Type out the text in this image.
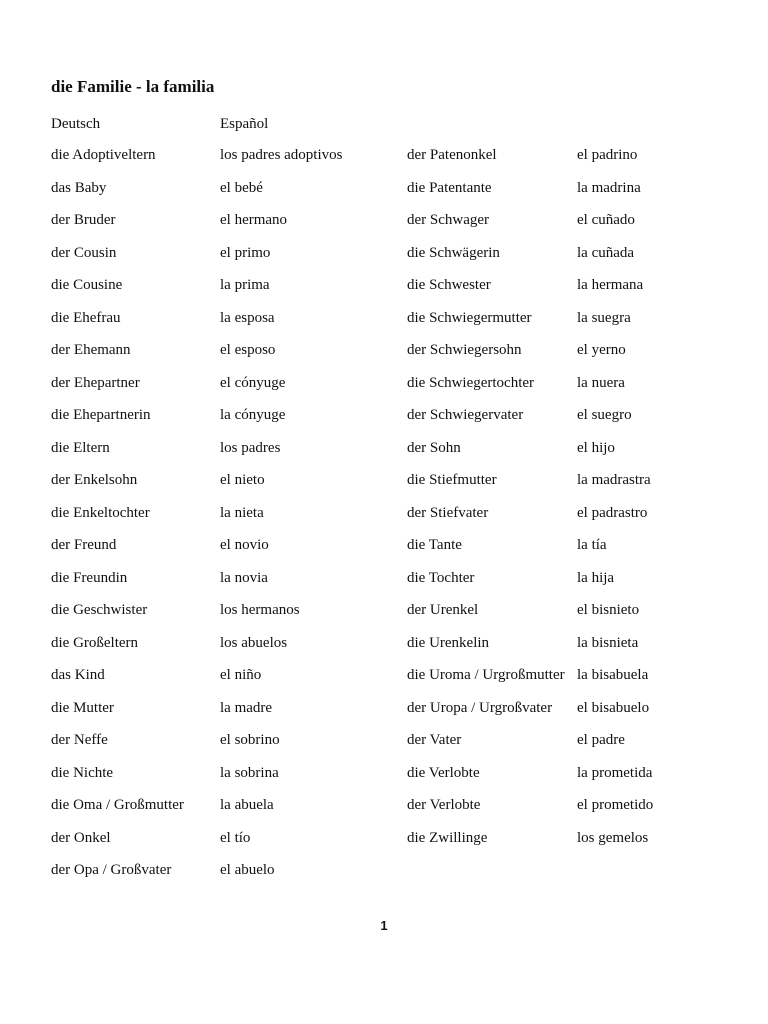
die Familie - la familia
Deutsch	Español
die Adoptiveltern
das Baby
der Bruder
der Cousin
die Cousine
die Ehefrau
der Ehemann
der Ehepartner
die Ehepartnerin
die Eltern
der Enkelsohn
die Enkeltochter
der Freund
die Freundin
die Geschwister
die Großeltern
das Kind
die Mutter
der Neffe
die Nichte
die Oma / Großmutter
der Onkel
der Opa / Großvater
los padres adoptivos
el bebé
el hermano
el primo
la prima
la esposa
el esposo
el cónyuge
la cónyuge
los padres
el nieto
la nieta
el novio
la novia
los hermanos
los abuelos
el niño
la madre
el sobrino
la sobrina
la abuela
el tío
el abuelo
der Patenonkel
die Patentante
der Schwager
die Schwägerin
die Schwester
die Schwiegermutter
der Schwiegersohn
die Schwiegertochter
der Schwiegervater
der Sohn
die Stiefmutter
der Stiefvater
die Tante
die Tochter
der Urenkel
die Urenkelin
die Uroma / Urgroßmutter
der Uropa / Urgroßvater
der Vater
die Verlobte
der Verlobte
die Zwillinge
el padrino
la madrina
el cuñado
la cuñada
la hermana
la suegra
el yerno
la nuera
el suegro
el hijo
la madrastra
el padrastro
la tía
la hija
el bisnieto
la bisnieta
la bisabuela
el bisabuelo
el padre
la prometida
el prometido
los gemelos
1
